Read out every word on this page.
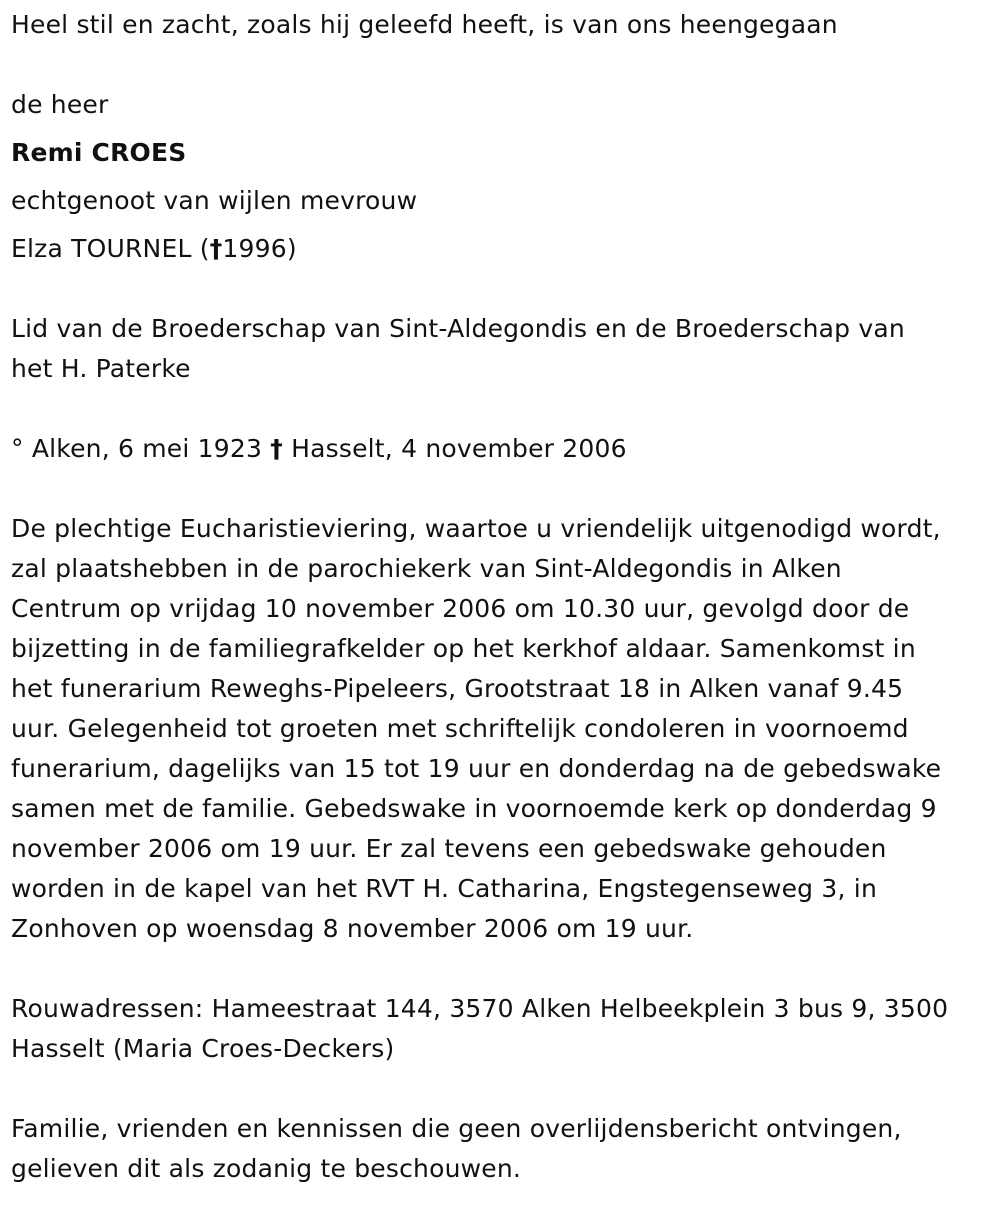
Heel stil en zacht, zoals hij geleefd heeft, is van ons heengegaan
de heer
Remi CROES
echtgenoot van wijlen mevrouw
Elza TOURNEL (†1996)
Lid van de Broederschap van Sint-Aldegondis en de Broederschap van
het H. Paterke
° Alken, 6 mei 1923 † Hasselt, 4 november 2006
De plechtige Eucharistieviering, waartoe u vriendelijk uitgenodigd wordt,
zal plaatshebben in de parochiekerk van Sint-Aldegondis in Alken
Centrum op vrijdag 10 november 2006 om 10.30 uur, gevolgd door de
bijzetting in de familiegrafkelder op het kerkhof aldaar. Samenkomst in
het funerarium Reweghs-Pipeleers, Grootstraat 18 in Alken vanaf 9.45
uur. Gelegenheid tot groeten met schriftelijk condoleren in voornoemd
funerarium, dagelijks van 15 tot 19 uur en donderdag na de gebedswake
samen met de familie. Gebedswake in voornoemde kerk op donderdag 9
november 2006 om 19 uur. Er zal tevens een gebedswake gehouden
worden in de kapel van het RVT H. Catharina, Engstegenseweg 3, in
Zonhoven op woensdag 8 november 2006 om 19 uur.
Rouwadressen: Hameestraat 144, 3570 Alken Helbeekplein 3 bus 9, 3500
Hasselt (Maria Croes-Deckers)
Familie, vrienden en kennissen die geen overlijdensbericht ontvingen,
gelieven dit als zodanig te beschouwen.
